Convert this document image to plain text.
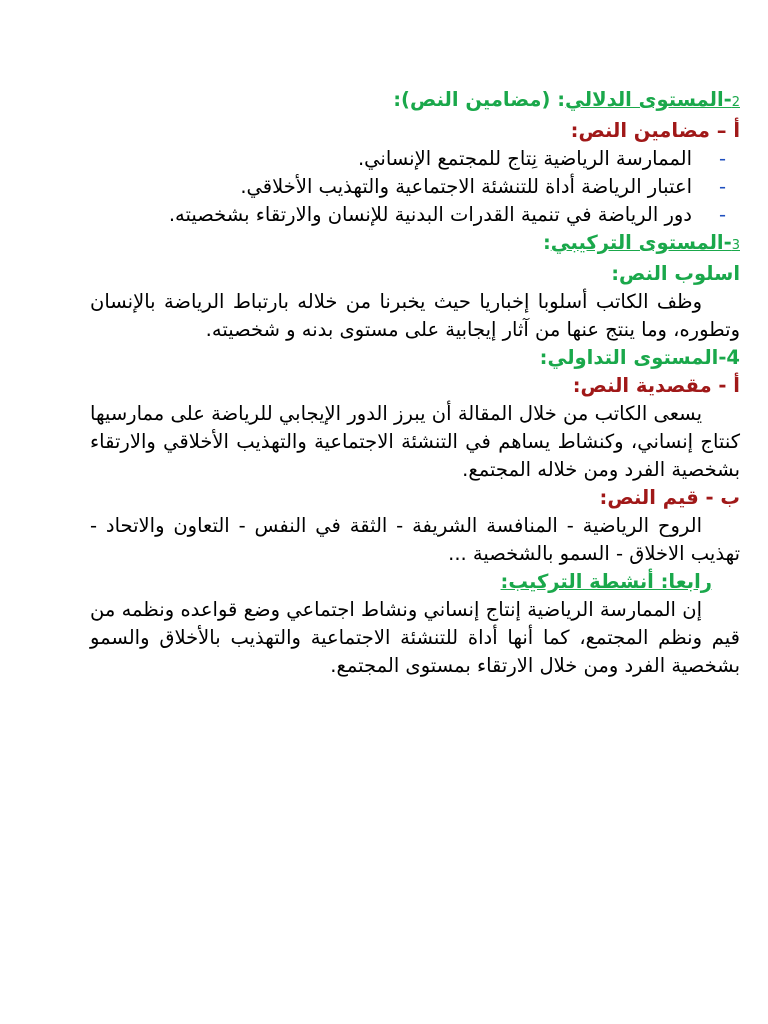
2-المستوى الدلالي: (مضامين النص):
أ – مضامين النص:
-
الممارسة الرياضية نِتاج للمجتمع الإنساني.
-
اعتبار الرياضة أداة للتنشئة الاجتماعية والتهذيب الأخلاقي.
-
دور الرياضة في تنمية القدرات البدنية للإنسان والارتقاء بشخصيته.
3-المستوى التركيبي:
:اسلوب النص
وظف الكاتب أسلوبا إخباريا حيث يخبرنا من خلاله بارتباط الرياضة بالإنسان وتطوره، وما ينتج عنها من آثار إيجابية على مستوى بدنه و شخصيته.
4-المستوى التداولي:
أ - مقصدية النص:
يسعى الكاتب من خلال المقالة أن يبرز الدور الإيجابي للرياضة على ممارسيها كنتاج إنساني، وكنشاط يساهم في التنشئة الاجتماعية والتهذيب الأخلاقي والارتقاء بشخصية الفرد ومن خلاله المجتمع.
ب - قيم النص:
الروح الرياضية - المنافسة الشريفة - الثقة في النفس - التعاون والاتحاد - تهذيب الاخلاق - السمو بالشخصية ...
رابعا: أنشطة التركيب:
إن الممارسة الرياضية إنتاج إنساني ونشاط اجتماعي وضع قواعده ونظمه من قيم ونظم المجتمع، كما أنها أداة للتنشئة الاجتماعية والتهذيب بالأخلاق والسمو بشخصية الفرد ومن خلال الارتقاء بمستوى المجتمع.
